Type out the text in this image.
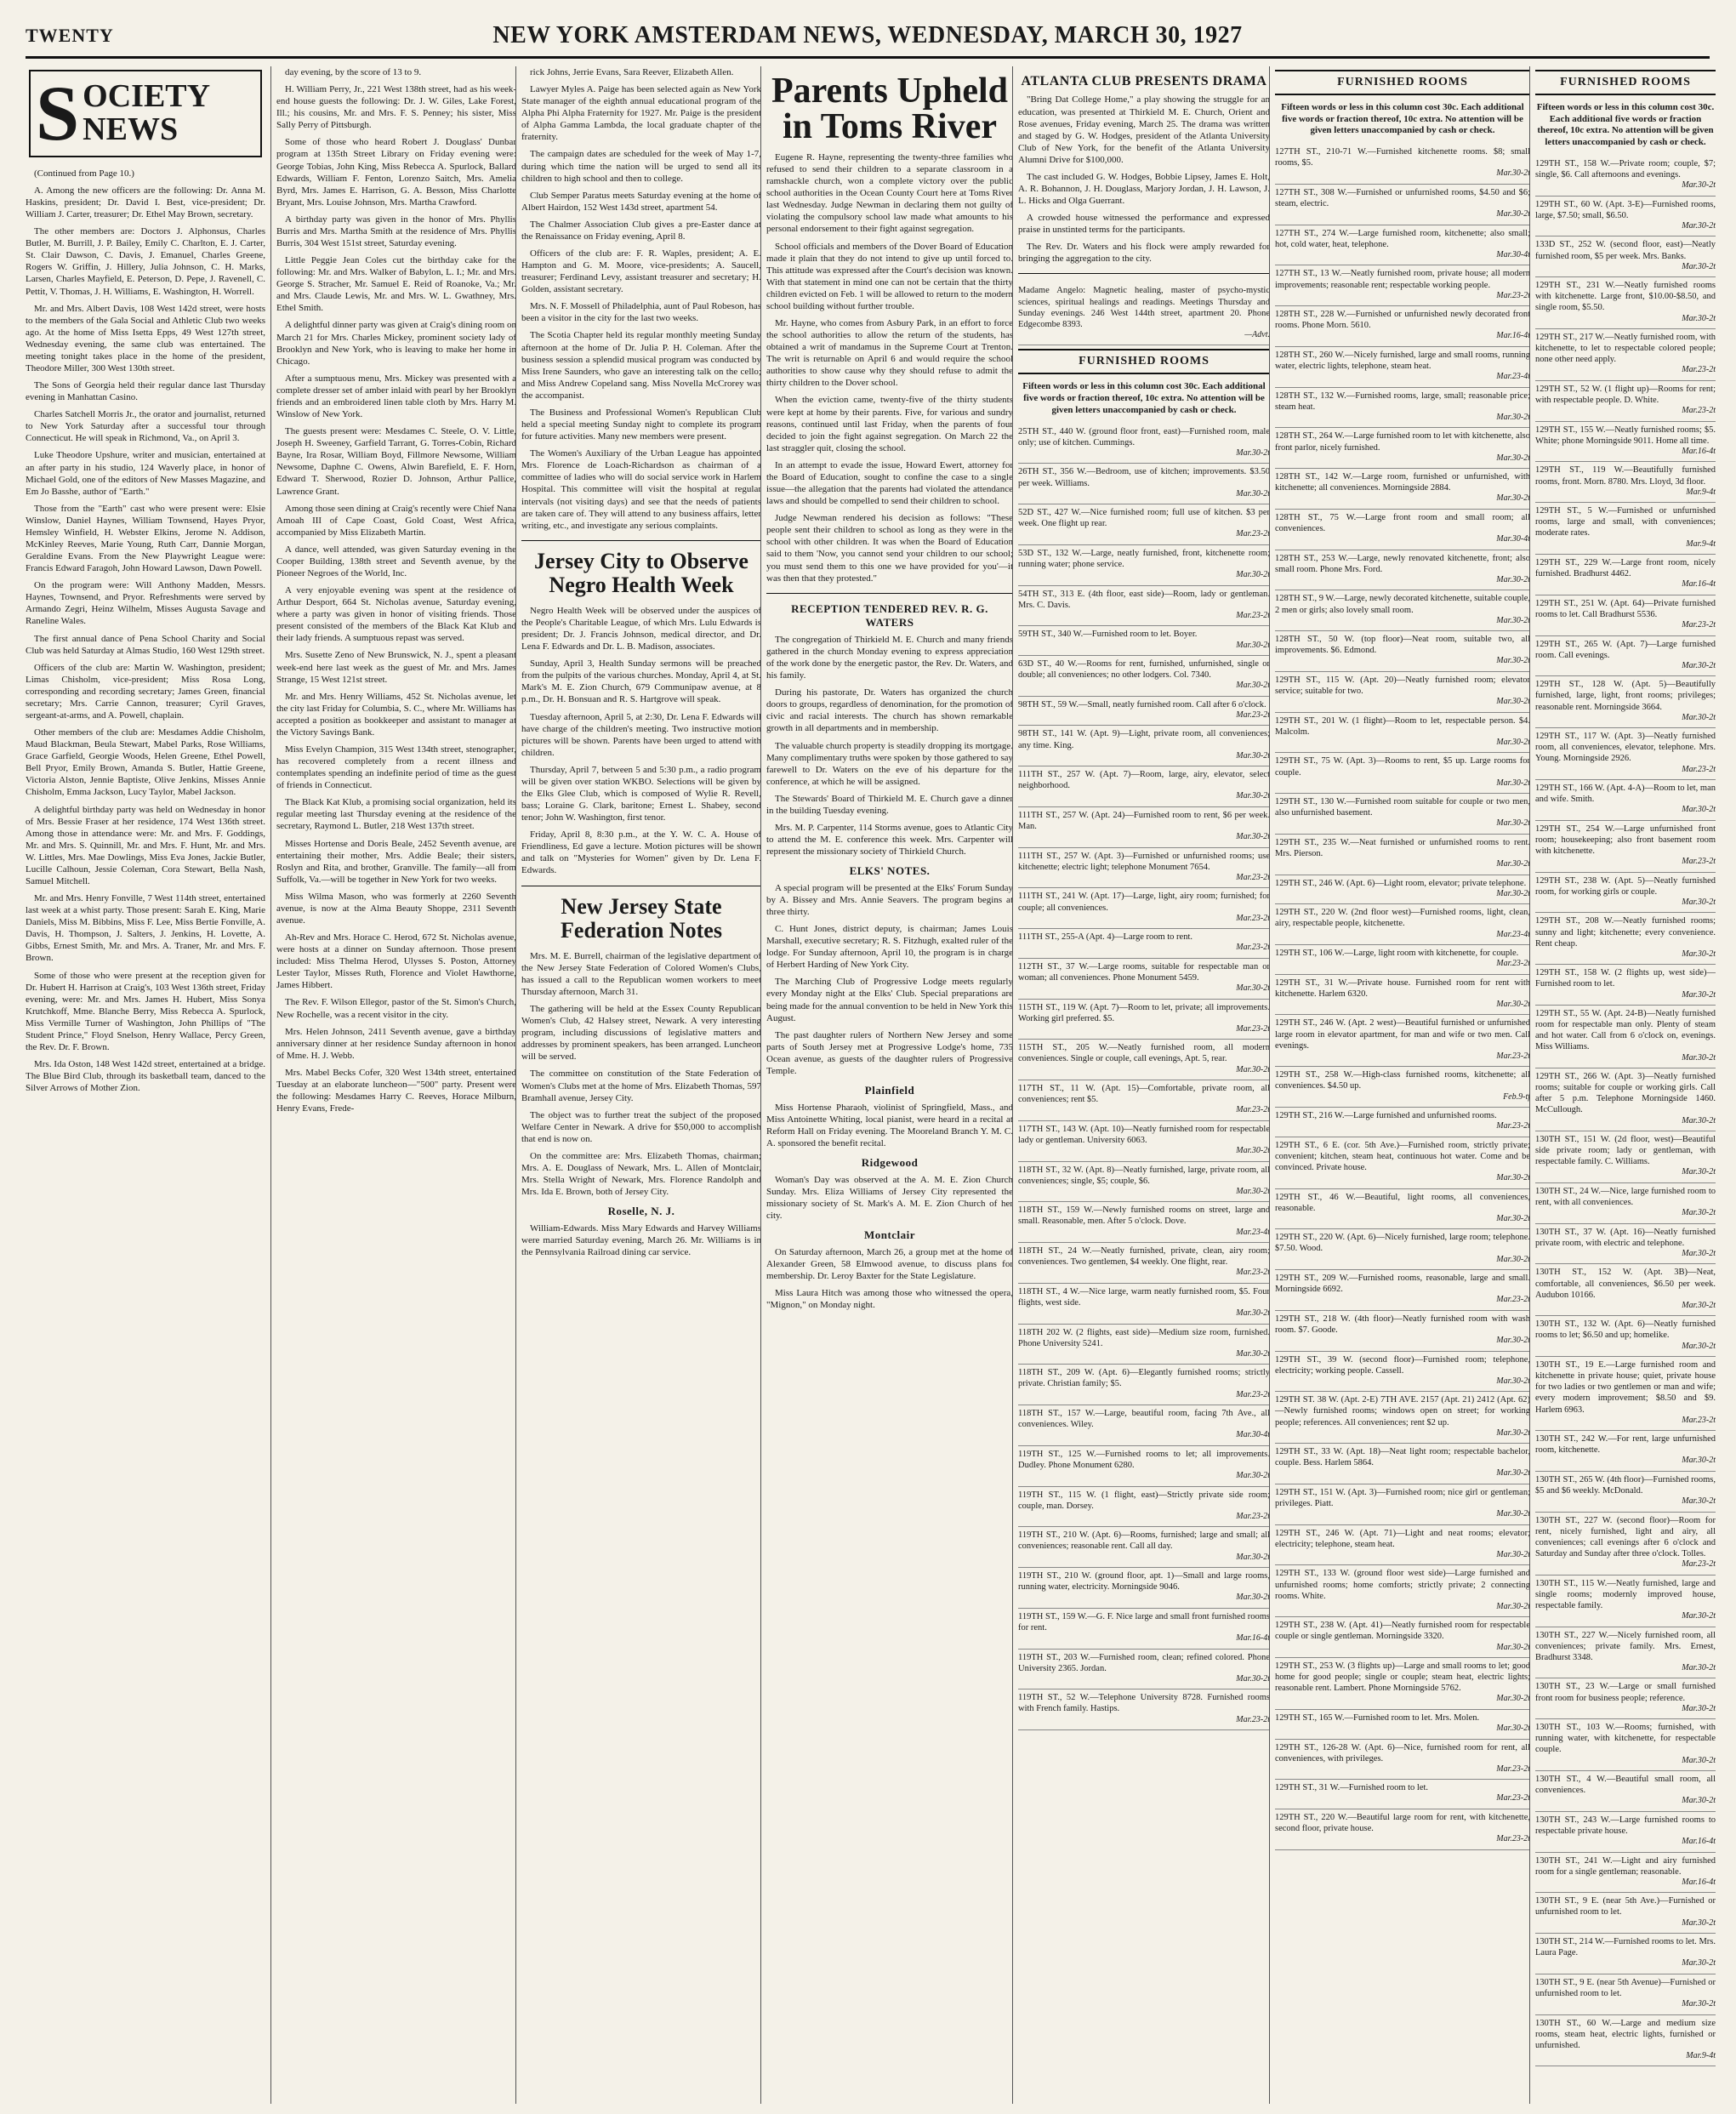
TWENTY	NEW YORK AMSTERDAM NEWS, WEDNESDAY, MARCH 30, 1927
S OCIETY
NEWS

(Continued from Page 10.)

A. Among the new officers are the following: Dr. Anna M. Haskins, president; Dr. David I. Best, vice-president; Dr. William J. Carter, treasurer; Dr. Ethel May Brown, secretary.

The other members are: Doctors J. Alphonsus, Charles Butler, M. Burrill, J. P. Bailey, Emily C. Charlton, E. J. Carter, St. Clair Dawson, C. Davis, J. Emanuel, Charles Greene, Rogers W. Griffin, J. Hillery, Julia Johnson, C. H. Marks, Larsen, Charles Mayfield, E. Peterson, D. Pepe, J. Ravenell, C. Pettit, V. Thomas, J. H. Williams, E. Washington, H. Worrell.

Mr. and Mrs. Albert Davis, 108 West 142d street, were hosts to the members of the Gala Social and Athletic Club two weeks ago. At the home of Miss Isetta Epps, 49 West 127th street, Wednesday evening, the same club was entertained. The meeting tonight takes place in the home of the president, Theodore Miller, 300 West 130th street.

The Sons of Georgia held their regular dance last Thursday evening in Manhattan Casino.

Charles Satchell Morris Jr., the orator and journalist, returned to New York Saturday after a successful tour through Connecticut. He will speak in Richmond, Va., on April 3.

Luke Theodore Upshure, writer and musician, entertained at an after party in his studio, 124 Waverly place, in honor of Michael Gold, one of the editors of New Masses Magazine, and Em Jo Basshe, author of "Earth."

Those from the "Earth" cast who were present were: Elsie Winslow, Daniel Haynes, William Townsend, Hayes Pryor, Hemsley Winfield, H. Webster Elkins, Jerome N. Addison, McKinley Reeves, Marie Young, Ruth Carr, Dannie Morgan, Geraldine Evans. From the New Playwright League were: Francis Edward Faragoh, John Howard Lawson, Dawn Powell.

On the program were: Will Anthony Madden, Messrs. Haynes, Townsend, and Pryor. Refreshments were served by Armando Zegri, Heinz Wilhelm, Misses Augusta Savage and Raneline Wales.

The first annual dance of Pena School Charity and Social Club was held Saturday at Almas Studio, 160 West 129th street.

Officers of the club are: Martin W. Washington, president; Limas Chisholm, vice-president; Miss Rosa Long, corresponding and recording secretary; James Green, financial secretary; Mrs. Carrie Cannon, treasurer; Cyril Graves, sergeant-at-arms, and A. Powell, chaplain.

Other members of the club are: Mesdames Addie Chisholm, Maud Blackman, Beula Stewart, Mabel Parks, Rose Williams, Grace Garfield, Georgie Woods, Helen Greene, Ethel Powell, Bell Pryor, Emily Brown, Amanda S. Butler, Hattie Greene, Victoria Alston, Jennie Baptiste, Olive Jenkins, Misses Annie Chisholm, Emma Jackson, Lucy Taylor, Mabel Jackson.

A delightful birthday party was held on Wednesday in honor of Mrs. Bessie Fraser at her residence, 174 West 136th street. Among those in attendance were: Mr. and Mrs. F. Goddings, Mr. and Mrs. S. Quinnill, Mr. and Mrs. F. Hunt, Mr. and Mrs. W. Littles, Mrs. Mae Dowlings, Miss Eva Jones, Jackie Butler, Lucille Calhoun, Jessie Coleman, Cora Stewart, Bella Nash, Samuel Mitchell.

Mr. and Mrs. Henry Fonville, 7 West 114th street, entertained last week at a whist party. Those present: Sarah E. King, Marie Daniels, Miss M. Bibbins, Miss F. Lee, Miss Bertie Fonville, A. Davis, H. Thompson, J. Salters, J. Jenkins, H. Lovette, A. Gibbs, Ernest Smith, Mr. and Mrs. A. Traner, Mr. and Mrs. F. Brown.

Some of those who were present at the reception given for Dr. Hubert H. Harrison at Craig's, 103 West 136th street, Friday evening, were: Mr. and Mrs. James H. Hubert, Miss Sonya Krutchkoff, Mme. Blanche Berry, Miss Rebecca A. Spurlock, Miss Vermille Turner of Washington, John Phillips of "The Student Prince," Floyd Snelson, Henry Wallace, Percy Green, the Rev. Dr. F. Brown.

Mrs. Ida Oston, 148 West 142d street, entertained at a bridge. The Blue Bird Club, through its basketball team, danced to the Silver Arrows of Mother Zion.

day evening, by the score of 13 to 9.

H. William Perry, Jr., 221 West 138th street, had as his week-end house guests the following: Dr. J. W. Giles, Lake Forest, Ill.; his cousins, Mr. and Mrs. F. S. Penney; his sister, Miss Sally Perry of Pittsburgh.

Some of those who heard Robert J. Douglass' Dunbar program at 135th Street Library on Friday evening were: George Tobias, John King, Miss Rebecca A. Spurlock, Ballard Edwards, William F. Fenton, Lorenzo Saitch, Mrs. Amelia Byrd, Mrs. James E. Harrison, G. A. Besson, Miss Charlotte Bryant, Mrs. Louise Johnson, Mrs. Martha Crawford.

A birthday party was given in the honor of Mrs. Phyllis Burris and Mrs. Martha Smith at the residence of Mrs. Phyllis Burris, 304 West 151st street, Saturday evening.

Little Peggie Jean Coles cut the birthday cake for the following: Mr. and Mrs. Walker of Babylon, L. I.; Mr. and Mrs. George S. Stracher, Mr. Samuel E. Reid of Roanoke, Va.; Mr. and Mrs. Claude Lewis, Mr. and Mrs. W. L. Gwathney, Mrs. Ethel Smith.

A delightful dinner party was given at Craig's dining room on March 21 for Mrs. Charles Mickey, prominent society lady of Brooklyn and New York, who is leaving to make her home in Chicago.

After a sumptuous menu, Mrs. Mickey was presented with a complete dresser set of amber inlaid with pearl by her Brooklyn friends and an embroidered linen table cloth by Mrs. Harry M. Winslow of New York.

The guests present were: Mesdames C. Steele, O. V. Little, Joseph H. Sweeney, Garfield Tarrant, G. Torres-Cobin, Richard Bayne, Ira Rosar, William Boyd, Fillmore Newsome, William Newsome, Daphne C. Owens, Alwin Barefield, E. F. Horn, Edward T. Sherwood, Rozier D. Johnson, Arthur Pallice, Lawrence Grant.

Among those seen dining at Craig's recently were Chief Nana Amoah III of Cape Coast, Gold Coast, West Africa, accompanied by Miss Elizabeth Martin.

A dance, well attended, was given Saturday evening in the Cooper Building, 138th street and Seventh avenue, by the Pioneer Negroes of the World, Inc.

A very enjoyable evening was spent at the residence of Arthur Desport, 664 St. Nicholas avenue, Saturday evening, where a party was given in honor of visiting friends. Those present consisted of the members of the Black Kat Klub and their lady friends. A sumptuous repast was served.

Mrs. Susette Zeno of New Brunswick, N. J., spent a pleasant week-end here last week as the guest of Mr. and Mrs. James Strange, 15 West 121st street.

Mr. and Mrs. Henry Williams, 452 St. Nicholas avenue, let the city last Friday for Columbia, S. C., where Mr. Williams has accepted a position as bookkeeper and assistant to manager at the Victory Savings Bank.

Miss Evelyn Champion, 315 West 134th street, stenographer, has recovered completely from a recent illness and contemplates spending an indefinite period of time as the guest of friends in Connecticut.

The Black Kat Klub, a promising social organization, held its regular meeting last Thursday evening at the residence of the secretary, Raymond L. Butler, 218 West 137th street.

Misses Hortense and Doris Beale, 2452 Seventh avenue, are entertaining their mother, Mrs. Addie Beale; their sisters, Roslyn and Rita, and brother, Granville. The family—all from Suffolk, Va.—will be together in New York for two weeks.

Miss Wilma Mason, who was formerly at 2260 Seventh avenue, is now at the Alma Beauty Shoppe, 2311 Seventh avenue.

Ah-Rev and Mrs. Horace C. Herod, 672 St. Nicholas avenue, were hosts at a dinner on Sunday afternoon. Those present included: Miss Thelma Herod, Ulysses S. Poston, Attorney Lester Taylor, Misses Ruth, Florence and Violet Hawthorne, James Hibbert.

The Rev. F. Wilson Ellegor, pastor of the St. Simon's Church, New Rochelle, was a recent visitor in the city.

Mrs. Helen Johnson, 2411 Seventh avenue, gave a birthday anniversary dinner at her residence Sunday afternoon in honor of Mme. H. J. Webb.

Mrs. Mabel Becks Cofer, 320 West 134th street, entertained Tuesday at an elaborate luncheon—"500" party. Present were the following: Mesdames Harry C. Reeves, Horace Milburn, Henry Evans, Frede-

rick Johns, Jerrie Evans, Sara Reever, Elizabeth Allen.

Lawyer Myles A. Paige has been selected again as New York State manager of the eighth annual educational program of the Alpha Phi Alpha Fraternity for 1927. Mr. Paige is the president of Alpha Gamma Lambda, the local graduate chapter of the fraternity.

The campaign dates are scheduled for the week of May 1-7, during which time the nation will be urged to send all its children to high school and then to college.

Club Semper Paratus meets Saturday evening at the home of Albert Hairdon, 152 West 143d street, apartment 54.

The Chalmer Association Club gives a pre-Easter dance at the Renaissance on Friday evening, April 8.

Officers of the club are: F. R. Waples, president; A. E. Hampton and G. M. Moore, vice-presidents; A. Saucell, treasurer; Ferdinand Levy, assistant treasurer and secretary; H. Golden, assistant secretary.

Mrs. N. F. Mossell of Philadelphia, aunt of Paul Robeson, has been a visitor in the city for the last two weeks.

The Scotia Chapter held its regular monthly meeting Sunday afternoon at the home of Dr. Julia P. H. Coleman. After the business session a splendid musical program was conducted by Miss Irene Saunders, who gave an interesting talk on the cello; and Miss Andrew Copeland sang. Miss Novella McCrorey was the accompanist.

The Business and Professional Women's Republican Club held a special meeting Sunday night to complete its program for future activities. Many new members were present.

The Women's Auxiliary of the Urban League has appointed Mrs. Florence de Loach-Richardson as chairman of a committee of ladies who will do social service work in Harlem Hospital. This committee will visit the hospital at regular intervals (not visiting days) and see that the needs of patients are taken care of. They will attend to any business affairs, letter writing, etc., and investigate any serious complaints.

Jersey City to Observe Negro Health Week

Negro Health Week will be observed under the auspices of the People's Charitable League, of which Mrs. Lulu Edwards is president; Dr. J. Francis Johnson, medical director, and Dr. Lena F. Edwards and Dr. L. B. Madison, associates.

Sunday, April 3, Health Sunday sermons will be preached from the pulpits of the various churches. Monday, April 4, at St. Mark's M. E. Zion Church, 679 Communipaw avenue, at 8 p.m., Dr. H. Bonsuan and R. S. Hartgrove will speak.

Tuesday afternoon, April 5, at 2:30, Dr. Lena F. Edwards will have charge of the children's meeting. Two instructive motion pictures will be shown. Parents have been urged to attend with children.

Thursday, April 7, between 5 and 5:30 p.m., a radio program will be given over station WKBO. Selections will be given by the Elks Glee Club, which is composed of Wylie R. Revell, bass; Loraine G. Clark, baritone; Ernest L. Shabey, second tenor; John W. Washington, first tenor.

Friday, April 8, 8:30 p.m., at the Y. W. C. A. House of Friendliness, Ed gave a lecture. Motion pictures will be shown and talk on "Mysteries for Women" given by Dr. Lena F. Edwards.

New Jersey State Federation Notes

Mrs. M. E. Burrell, chairman of the legislative department of the New Jersey State Federation of Colored Women's Clubs, has issued a call to the Republican women workers to meet Thursday afternoon, March 31.

The gathering will be held at the Essex County Republican Women's Club, 42 Halsey street, Newark. A very interesting program, including discussions of legislative matters and addresses by prominent speakers, has been arranged. Luncheon will be served.

The committee on constitution of the State Federation of Women's Clubs met at the home of Mrs. Elizabeth Thomas, 597 Bramhall avenue, Jersey City.

The object was to further treat the subject of the proposed Welfare Center in Newark. A drive for $50,000 to accomplish that end is now on.

On the committee are: Mrs. Elizabeth Thomas, chairman; Mrs. A. E. Douglass of Newark, Mrs. L. Allen of Montclair, Mrs. Stella Wright of Newark, Mrs. Florence Randolph and Mrs. Ida E. Brown, both of Jersey City.

Roselle, N. J.

William-Edwards. Miss Mary Edwards and Harvey Williams were married Saturday evening, March 26. Mr. Williams is in the Pennsylvania Railroad dining car service.

Parents Upheld in Toms River

Eugene R. Hayne, representing the twenty-three families who refused to send their children to a separate classroom in a ramshackle church, won a complete victory over the public school authorities in the Ocean County Court here at Toms River last Wednesday. Judge Newman in declaring them not guilty of violating the compulsory school law made what amounts to his personal endorsement to their fight against segregation.

School officials and members of the Dover Board of Education made it plain that they do not intend to give up until forced to. This attitude was expressed after the Court's decision was known. With that statement in mind one can not be certain that the thirty children evicted on Feb. 1 will be allowed to return to the modern school building without further trouble.

Mr. Hayne, who comes from Asbury Park, in an effort to force the school authorities to allow the return of the students, has obtained a writ of mandamus in the Supreme Court at Trenton. The writ is returnable on April 6 and would require the school authorities to show cause why they should refuse to admit the thirty children to the Dover school.

When the eviction came, twenty-five of the thirty students were kept at home by their parents. Five, for various and sundry reasons, continued until last Friday, when the parents of four decided to join the fight against segregation. On March 22 the last straggler quit, closing the school.

In an attempt to evade the issue, Howard Ewert, attorney for the Board of Education, sought to confine the case to a single issue—the allegation that the parents had violated the attendance laws and should be compelled to send their children to school.

Judge Newman rendered his decision as follows: "These people sent their children to school as long as they were in the school with other children. It was when the Board of Education said to them 'Now, you cannot send your children to our school; you must send them to this one we have provided for you'—it was then that they protested."

RECEPTION TENDERED REV. R. G. WATERS

The congregation of Thirkield M. E. Church and many friends gathered in the church Monday evening to express appreciation of the work done by the energetic pastor, the Rev. Dr. Waters, and his family.

During his pastorate, Dr. Waters has organized the church doors to groups, regardless of denomination, for the promotion of civic and racial interests. The church has shown remarkable growth in all departments and in membership.

The valuable church property is steadily dropping its mortgage. Many complimentary truths were spoken by those gathered to say farewell to Dr. Waters on the eve of his departure for the conference, at which he will be assigned.

The Stewards' Board of Thirkield M. E. Church gave a dinner in the building Tuesday evening.

Mrs. M. P. Carpenter, 114 Storms avenue, goes to Atlantic City to attend the M. E. conference this week. Mrs. Carpenter will represent the missionary society of Thirkield Church.

ELKS' NOTES.

A special program will be presented at the Elks' Forum Sunday by A. Bissey and Mrs. Annie Seavers. The program begins at three thirty.

C. Hunt Jones, district deputy, is chairman; James Louis Marshall, executive secretary; R. S. Fitzhugh, exalted ruler of the lodge. For Sunday afternoon, April 10, the program is in charge of Herbert Harding of New York City.

The Marching Club of Progressive Lodge meets regularly every Monday night at the Elks' Club. Special preparations are being made for the annual convention to be held in New York this August.

The past daughter rulers of Northern New Jersey and some parts of South Jersey met at Progressive Lodge's home, 735 Ocean avenue, as guests of the daughter rulers of Progressive Temple.

Plainfield

Miss Hortense Pharaoh, violinist of Springfield, Mass., and Miss Antoinette Whiting, local pianist, were heard in a recital at Reform Hall on Friday evening. The Mooreland Branch Y. M. C. A. sponsored the benefit recital.

Ridgewood

Woman's Day was observed at the A. M. E. Zion Church Sunday. Mrs. Eliza Williams of Jersey City represented the missionary society of St. Mark's A. M. E. Zion Church of her city.

Montclair

On Saturday afternoon, March 26, a group met at the home of Alexander Green, 58 Elmwood avenue, to discuss plans for membership. Dr. Leroy Baxter for the State Legislature.

Miss Laura Hitch was among those who witnessed the opera, "Mignon," on Monday night.

ATLANTA CLUB PRESENTS DRAMA

"Bring Dat College Home," a play showing the struggle for an education, was presented at Thirkield M. E. Church, Orient and Rose avenues, Friday evening, March 25. The drama was written and staged by G. W. Hodges, president of the Atlanta University Club of New York, for the benefit of the Atlanta University Alumni Drive for $100,000.

The cast included G. W. Hodges, Bobbie Lipsey, James E. Holt, A. R. Bohannon, J. H. Douglass, Marjory Jordan, J. H. Lawson, J. L. Hicks and Olga Guerrant.

A crowded house witnessed the performance and expressed praise in unstinted terms for the participants.

The Rev. Dr. Waters and his flock were amply rewarded for bringing the aggregation to the city.

Madame Angelo: Magnetic healing, master of psycho-mystic sciences, spiritual healings and readings. Meetings Thursday and Sunday evenings. 246 West 144th street, apartment 20. Phone Edgecombe 8393.
—Advt.
FURNISHED ROOMS
Fifteen words or less in this column cost 30c. Each additional five words or fraction thereof, 10c extra. No attention will be given letters unaccompanied by cash or check.
25TH ST., 440 W. (ground floor front, east)—Furnished room, male only; use of kitchen. Cummings.
Mar.30-2t
26TH ST., 356 W.—Bedroom, use of kitchen; improvements. $3.50 per week. Williams.
Mar.30-2t
52D ST., 427 W.—Nice furnished room; full use of kitchen. $3 per week. One flight up rear.
Mar.23-2t
53D ST., 132 W.—Large, neatly furnished, front, kitchenette room; running water; phone service.
Mar.30-2t
54TH ST., 313 E. (4th floor, east side)—Room, lady or gentleman. Mrs. C. Davis.
Mar.23-2t
59TH ST., 340 W.—Furnished room to let. Boyer.
Mar.30-2t
63D ST., 40 W.—Rooms for rent, furnished, unfurnished, single or double; all conveniences; no other lodgers. Col. 7340.
Mar.30-2t
98TH ST., 59 W.—Small, neatly furnished room. Call after 6 o'clock.
Mar.23-2t
98TH ST., 141 W. (Apt. 9)—Light, private room, all conveniences; any time. King.
Mar.30-2t
111TH ST., 257 W. (Apt. 7)—Room, large, airy, elevator, select neighborhood.
Mar.30-2t
111TH ST., 257 W. (Apt. 24)—Furnished room to rent, $6 per week. Man.
Mar.30-2t
111TH ST., 257 W. (Apt. 3)—Furnished or unfurnished rooms; use kitchenette; electric light; telephone Monument 7654.
Mar.23-2t
111TH ST., 241 W. (Apt. 17)—Large, light, airy room; furnished; for couple; all conveniences.
Mar.23-2t
111TH ST., 255-A (Apt. 4)—Large room to rent.
Mar.23-2t
112TH ST., 37 W.—Large rooms, suitable for respectable man or woman; all conveniences. Phone Monument 5459.
Mar.30-2t
115TH ST., 119 W. (Apt. 7)—Room to let, private; all improvements. Working girl preferred. $5.
Mar.23-2t
115TH ST., 205 W.—Neatly furnished room, all modern conveniences. Single or couple, call evenings, Apt. 5, rear.
Mar.30-2t
117TH ST., 11 W. (Apt. 15)—Comfortable, private room, all conveniences; rent $5.
Mar.23-2t
117TH ST., 143 W. (Apt. 10)—Neatly furnished room for respectable lady or gentleman. University 6063.
Mar.30-2t
118TH ST., 32 W. (Apt. 8)—Neatly furnished, large, private room, all conveniences; single, $5; couple, $6.
Mar.30-2t
118TH ST., 159 W.—Newly furnished rooms on street, large and small. Reasonable, men. After 5 o'clock. Dove.
Mar.23-4t
118TH ST., 24 W.—Neatly furnished, private, clean, airy room; conveniences. Two gentlemen, $4 weekly. One flight, rear.
Mar.23-2t
118TH ST., 4 W.—Nice large, warm neatly furnished room, $5. Four flights, west side.
Mar.30-2t
118TH 202 W. (2 flights, east side)—Medium size room, furnished. Phone University 5241.
Mar.30-2t
118TH ST., 209 W. (Apt. 6)—Elegantly furnished rooms; strictly private. Christian family; $5.
Mar.23-2t
118TH ST., 157 W.—Large, beautiful room, facing 7th Ave., all conveniences. Wiley.
Mar.30-4t
119TH ST., 125 W.—Furnished rooms to let; all improvements. Dudley. Phone Monument 6280.
Mar.30-2t
119TH ST., 115 W. (1 flight, east)—Strictly private side room; couple, man. Dorsey.
Mar.23-2t
119TH ST., 210 W. (Apt. 6)—Rooms, furnished; large and small; all conveniences; reasonable rent. Call all day.
Mar.30-2t
119TH ST., 210 W. (ground floor, apt. 1)—Small and large rooms, running water, electricity. Morningside 9046.
Mar.30-2t
119TH ST., 159 W.—G. F. Nice large and small front furnished rooms for rent.
Mar.16-4t
119TH ST., 203 W.—Furnished room, clean; refined colored. Phone University 2365. Jordan.
Mar.30-2t
119TH ST., 52 W.—Telephone University 8728. Furnished rooms with French family. Hastips.
Mar.23-2t
FURNISHED ROOMS
Fifteen words or less in this column cost 30c. Each additional five words or fraction thereof, 10c extra. No attention will be given letters unaccompanied by cash or check.
127TH ST., 210-71 W.—Furnished kitchenette rooms. $8; small rooms, $5.
Mar.30-2t
127TH ST., 308 W.—Furnished or unfurnished rooms, $4.50 and $6; steam, electric.
Mar.30-2t
127TH ST., 274 W.—Large furnished room, kitchenette; also small; hot, cold water, heat, telephone.
Mar.30-4t
127TH ST., 13 W.—Neatly furnished room, private house; all modern improvements; reasonable rent; respectable working people.
Mar.23-2t
128TH ST., 228 W.—Furnished or unfurnished newly decorated front rooms. Phone Morn. 5610.
Mar.16-4t
128TH ST., 260 W.—Nicely furnished, large and small rooms, running water, electric lights, telephone, steam heat.
Mar.23-4t
128TH ST., 132 W.—Furnished rooms, large, small; reasonable price; steam heat.
Mar.30-2t
128TH ST., 264 W.—Large furnished room to let with kitchenette, also front parlor, nicely furnished.
Mar.30-2t
128TH ST., 142 W.—Large room, furnished or unfurnished, with kitchenette; all conveniences. Morningside 2884.
Mar.30-2t
128TH ST., 75 W.—Large front room and small room; all conveniences.
Mar.30-4t
128TH ST., 253 W.—Large, newly renovated kitchenette, front; also small room. Phone Mrs. Ford.
Mar.30-2t
128TH ST., 9 W.—Large, newly decorated kitchenette, suitable couple, 2 men or girls; also lovely small room.
Mar.30-2t
128TH ST., 50 W. (top floor)—Neat room, suitable two, all improvements. $6. Edmond.
Mar.30-2t
129TH ST., 115 W. (Apt. 20)—Neatly furnished room; elevator service; suitable for two.
Mar.30-2t
129TH ST., 201 W. (1 flight)—Room to let, respectable person. $4. Malcolm.
Mar.30-2t
129TH ST., 75 W. (Apt. 3)—Rooms to rent, $5 up. Large rooms for couple.
Mar.30-2t
129TH ST., 130 W.—Furnished room suitable for couple or two men, also unfurnished basement.
Mar.30-2t
129TH ST., 235 W.—Neat furnished or unfurnished rooms to rent. Mrs. Pierson.
Mar.30-2t
129TH ST., 246 W. (Apt. 6)—Light room, elevator; private telephone.
Mar.30-2t
129TH ST., 220 W. (2nd floor west)—Furnished rooms, light, clean, airy, respectable people, kitchenette.
Mar.23-4t
129TH ST., 106 W.—Large, light room with kitchenette, for couple.
Mar.23-2t
129TH ST., 31 W.—Private house. Furnished room for rent with kitchenette. Harlem 6320.
Mar.30-2t
129TH ST., 246 W. (Apt. 2 west)—Beautiful furnished or unfurnished large room in elevator apartment, for man and wife or two men. Call evenings.
Mar.23-2t
129TH ST., 258 W.—High-class furnished rooms, kitchenette; all conveniences. $4.50 up.
Feb.9-tf
129TH ST., 216 W.—Large furnished and unfurnished rooms.
Mar.23-2t
129TH ST., 6 E. (cor. 5th Ave.)—Furnished room, strictly private; convenient; kitchen, steam heat, continuous hot water. Come and be convinced. Private house.
Mar.30-2t
129TH ST., 46 W.—Beautiful, light rooms, all conveniences, reasonable.
Mar.30-2t
129TH ST., 220 W. (Apt. 6)—Nicely furnished, large room; telephone. $7.50. Wood.
Mar.30-2t
129TH ST., 209 W.—Furnished rooms, reasonable, large and small. Morningside 6692.
Mar.23-2t
129TH ST., 218 W. (4th floor)—Neatly furnished room with wash room. $7. Goode.
Mar.30-2t
129TH ST., 39 W. (second floor)—Furnished room; telephone, electricity; working people. Cassell.
Mar.30-2t
129TH ST. 38 W. (Apt. 2-E) 7TH AVE. 2157 (Apt. 21) 2412 (Apt. 62)—Newly furnished rooms; windows open on street; for working people; references. All conveniences; rent $2 up.
Mar.30-2t
129TH ST., 33 W. (Apt. 18)—Neat light room; respectable bachelor, couple. Bess. Harlem 5864.
Mar.30-2t
129TH ST., 151 W. (Apt. 3)—Furnished room; nice girl or gentleman; privileges. Piatt.
Mar.30-2t
129TH ST., 246 W. (Apt. 71)—Light and neat rooms; elevator; electricity; telephone, steam heat.
Mar.30-2t
129TH ST., 133 W. (ground floor west side)—Large furnished and unfurnished rooms; home comforts; strictly private; 2 connecting rooms. White.
Mar.30-2t
129TH ST., 238 W. (Apt. 41)—Neatly furnished room for respectable couple or single gentleman. Morningside 3320.
Mar.30-2t
129TH ST., 253 W. (3 flights up)—Large and small rooms to let; good home for good people; single or couple; steam heat, electric lights; reasonable rent. Lambert. Phone Morningside 5762.
Mar.30-2t
129TH ST., 165 W.—Furnished room to let. Mrs. Molen.
Mar.30-2t
129TH ST., 126-28 W. (Apt. 6)—Nice, furnished room for rent, all conveniences, with privileges.
Mar.23-2t
129TH ST., 31 W.—Furnished room to let.
Mar.23-2t
129TH ST., 220 W.—Beautiful large room for rent, with kitchenette, second floor, private house.
Mar.23-2t
FURNISHED ROOMS
Fifteen words or less in this column cost 30c. Each additional five words or fraction thereof, 10c extra. No attention will be given letters unaccompanied by cash or check.
129TH ST., 158 W.—Private room; couple, $7; single, $6. Call afternoons and evenings.
Mar.30-2t
129TH ST., 60 W. (Apt. 3-E)—Furnished rooms, large, $7.50; small, $6.50.
Mar.30-2t
133D ST., 252 W. (second floor, east)—Neatly furnished room, $5 per week. Mrs. Banks.
Mar.30-2t
129TH ST., 231 W.—Neatly furnished rooms with kitchenette. Large front, $10.00-$8.50, and single room, $5.50.
Mar.30-2t
129TH ST., 217 W.—Neatly furnished room, with kitchenette, to let to respectable colored people; none other need apply.
Mar.23-2t
129TH ST., 52 W. (1 flight up)—Rooms for rent; with respectable people. D. White.
Mar.23-2t
129TH ST., 155 W.—Neatly furnished rooms; $5. White; phone Morningside 9011. Home all time.
Mar.16-4t
129TH ST., 119 W.—Beautifully furnished rooms, front. Morn. 8780. Mrs. Lloyd, 3d floor.
Mar.9-4t
129TH ST., 5 W.—Furnished or unfurnished rooms, large and small, with conveniences; moderate rates.
Mar.9-4t
129TH ST., 229 W.—Large front room, nicely furnished. Bradhurst 4462.
Mar.16-4t
129TH ST., 251 W. (Apt. 64)—Private furnished rooms to let. Call Bradhurst 5536.
Mar.23-2t
129TH ST., 265 W. (Apt. 7)—Large furnished room. Call evenings.
Mar.30-2t
129TH ST., 128 W. (Apt. 5)—Beautifully furnished, large, light, front rooms; privileges; reasonable rent. Morningside 3664.
Mar.30-2t
129TH ST., 117 W. (Apt. 3)—Neatly furnished room, all conveniences, elevator, telephone. Mrs. Young. Morningside 2926.
Mar.23-2t
129TH ST., 166 W. (Apt. 4-A)—Room to let, man and wife. Smith.
Mar.30-2t
129TH ST., 254 W.—Large unfurnished front room; housekeeping; also front basement room with kitchenette.
Mar.23-2t
129TH ST., 238 W. (Apt. 5)—Neatly furnished room, for working girls or couple.
Mar.30-2t
129TH ST., 208 W.—Neatly furnished rooms; sunny and light; kitchenette; every convenience. Rent cheap.
Mar.30-2t
129TH ST., 158 W. (2 flights up, west side)—Furnished room to let.
Mar.30-2t
129TH ST., 55 W. (Apt. 24-B)—Neatly furnished room for respectable man only. Plenty of steam and hot water. Call from 6 o'clock on, evenings. Miss Williams.
Mar.30-2t
129TH ST., 266 W. (Apt. 3)—Neatly furnished rooms; suitable for couple or working girls. Call after 5 p.m. Telephone Morningside 1460. McCullough.
Mar.30-2t
130TH ST., 151 W. (2d floor, west)—Beautiful side private room; lady or gentleman, with respectable family. C. Williams.
Mar.30-2t
130TH ST., 24 W.—Nice, large furnished room to rent, with all conveniences.
Mar.30-2t
130TH ST., 37 W. (Apt. 16)—Neatly furnished private room, with electric and telephone.
Mar.30-2t
130TH ST., 152 W. (Apt. 3B)—Neat, comfortable, all conveniences, $6.50 per week. Audubon 10166.
Mar.30-2t
130TH ST., 132 W. (Apt. 6)—Neatly furnished rooms to let; $6.50 and up; homelike.
Mar.30-2t
130TH ST., 19 E.—Large furnished room and kitchenette in private house; quiet, private house for two ladies or two gentlemen or man and wife; every modern improvement; $8.50 and $9. Harlem 6963.
Mar.23-2t
130TH ST., 242 W.—For rent, large unfurnished room, kitchenette.
Mar.30-2t
130TH ST., 265 W. (4th floor)—Furnished rooms, $5 and $6 weekly. McDonald.
Mar.30-2t
130TH ST., 227 W. (second floor)—Room for rent, nicely furnished, light and airy, all conveniences; call evenings after 6 o'clock and Saturday and Sunday after three o'clock. Tolles.
Mar.23-2t
130TH ST., 115 W.—Neatly furnished, large and single rooms; modernly improved house, respectable family.
Mar.30-2t
130TH ST., 227 W.—Nicely furnished room, all conveniences; private family. Mrs. Ernest, Bradhurst 3348.
Mar.30-2t
130TH ST., 23 W.—Large or small furnished front room for business people; reference.
Mar.30-2t
130TH ST., 103 W.—Rooms; furnished, with running water, with kitchenette, for respectable couple.
Mar.30-2t
130TH ST., 4 W.—Beautiful small room, all conveniences.
Mar.30-2t
130TH ST., 243 W.—Large furnished rooms to respectable private house.
Mar.16-4t
130TH ST., 241 W.—Light and airy furnished room for a single gentleman; reasonable.
Mar.16-4t
130TH ST., 9 E. (near 5th Ave.)—Furnished or unfurnished room to let.
Mar.30-2t
130TH ST., 214 W.—Furnished rooms to let. Mrs. Laura Page.
Mar.30-2t
130TH ST., 9 E. (near 5th Avenue)—Furnished or unfurnished room to let.
Mar.30-2t
130TH ST., 60 W.—Large and medium size rooms, steam heat, electric lights, furnished or unfurnished.
Mar.9-4t
